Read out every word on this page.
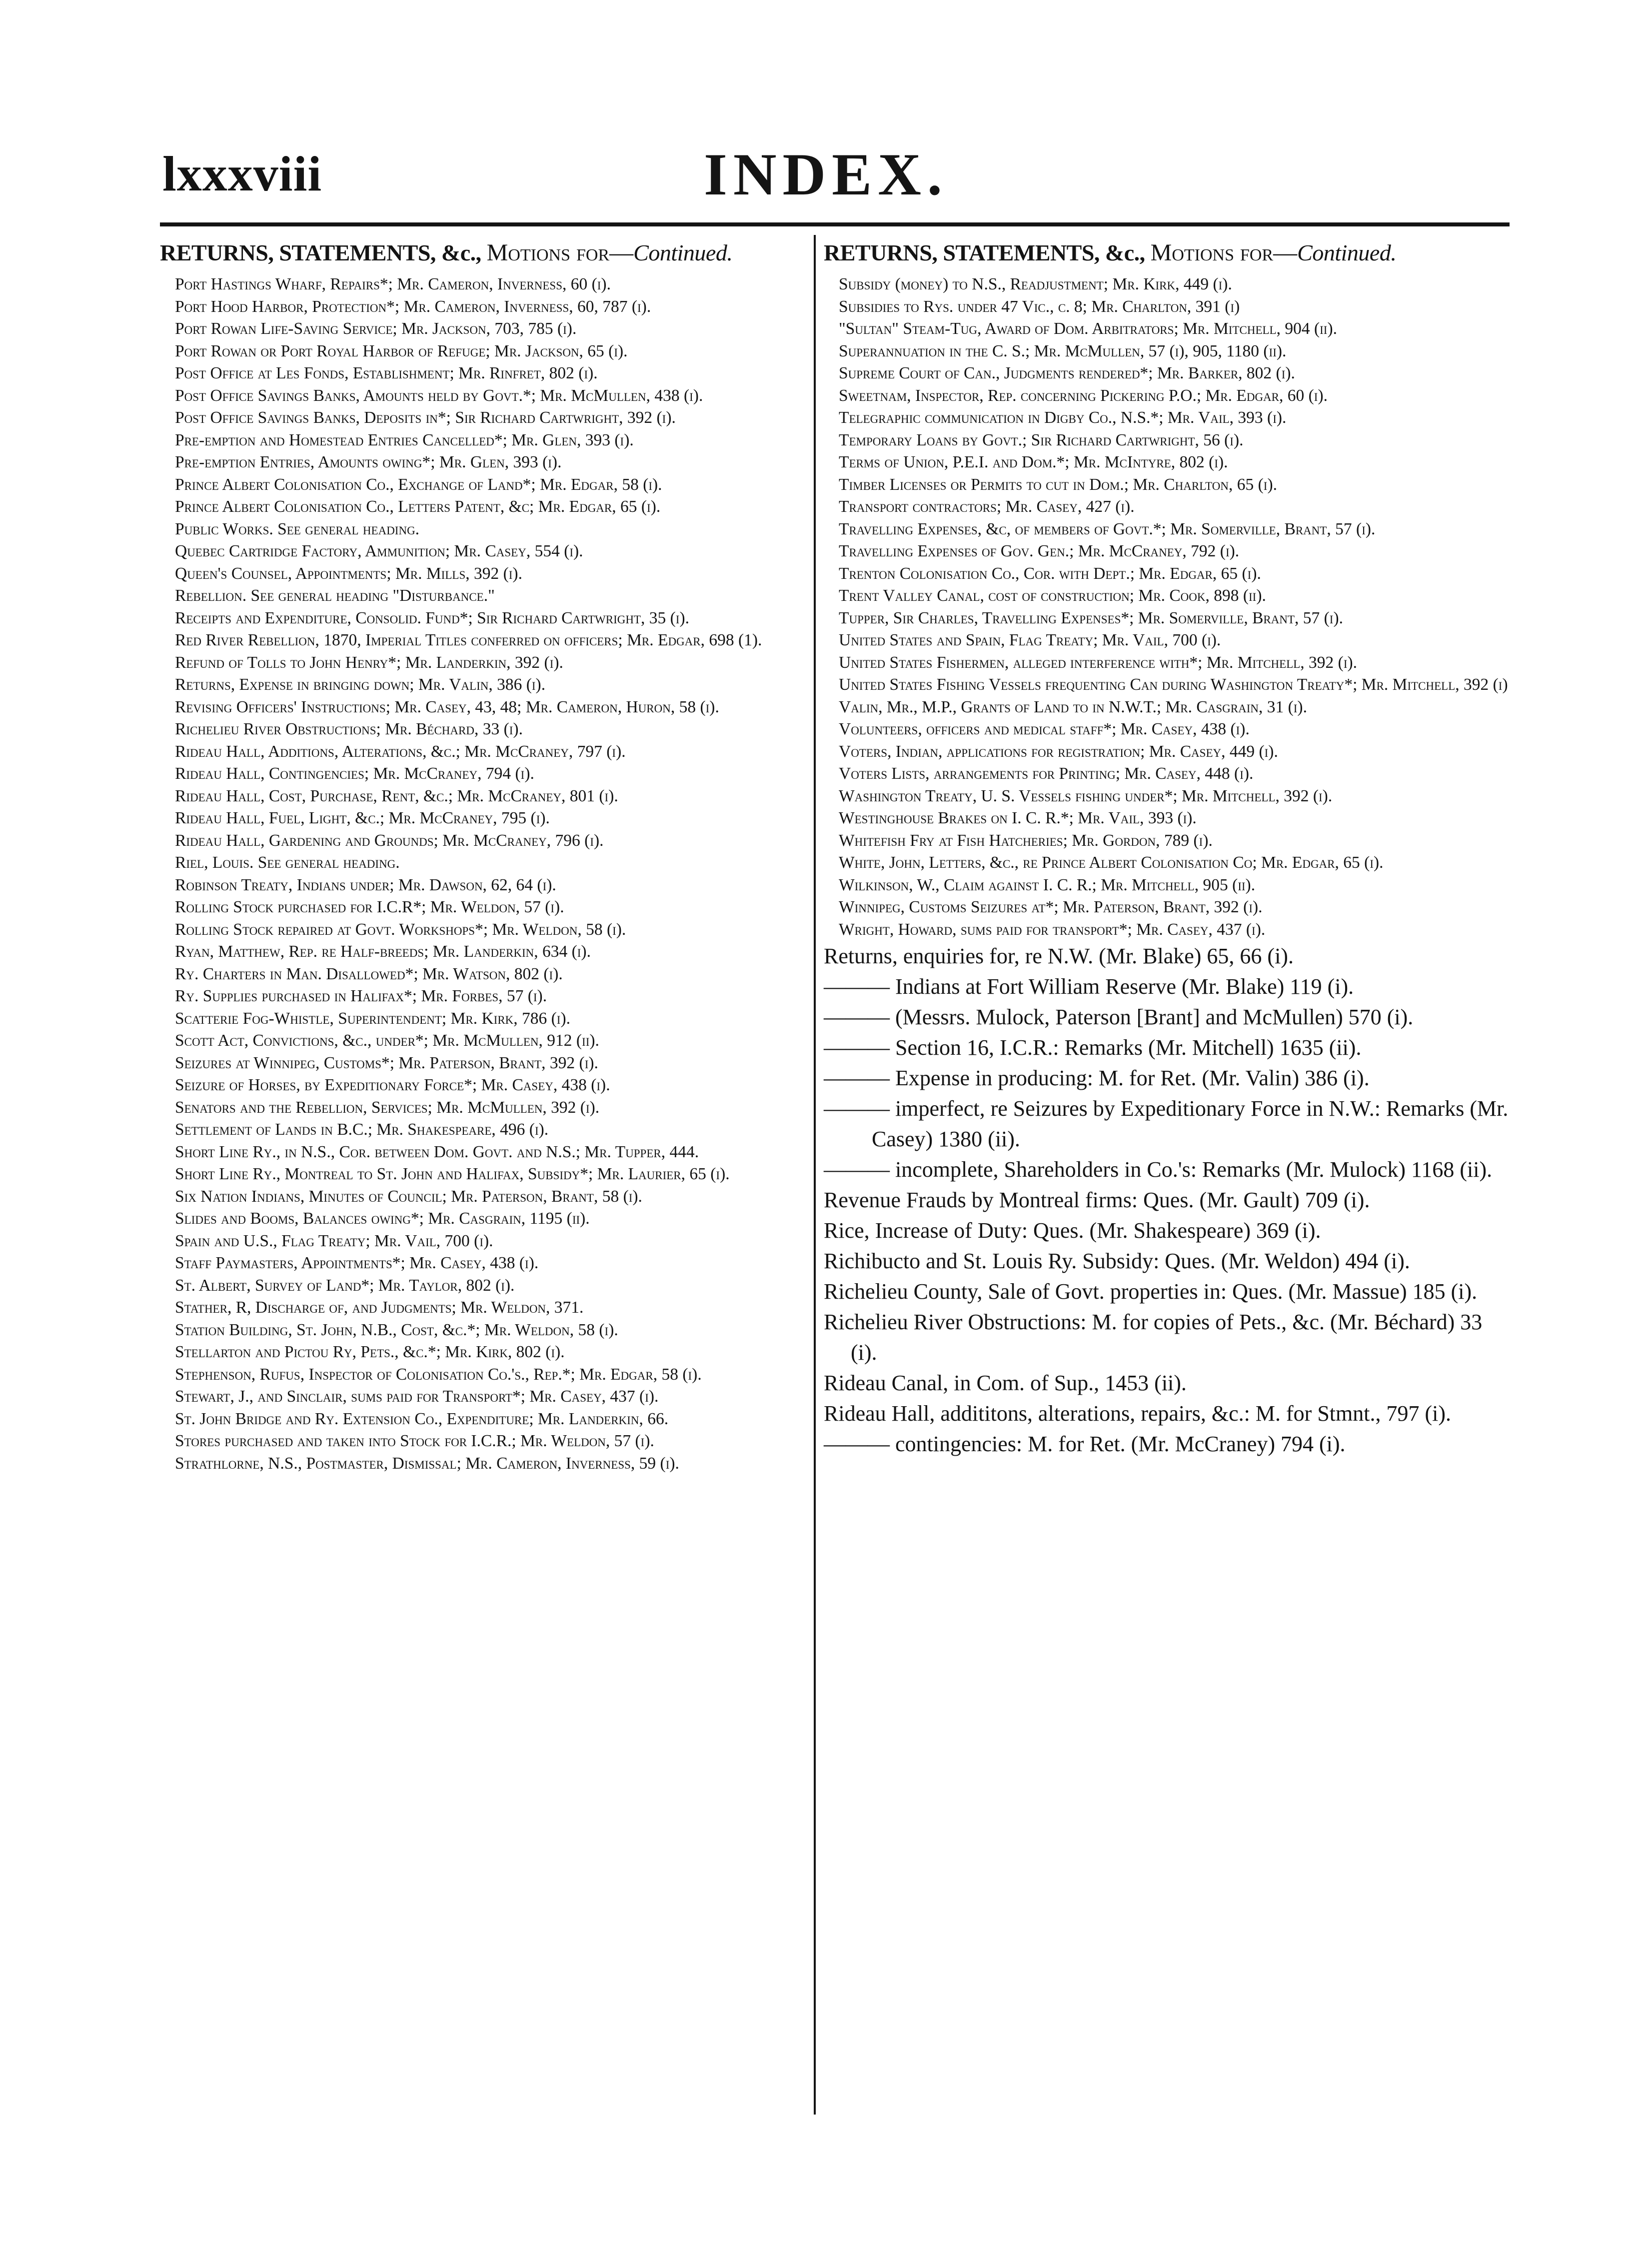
lxxxviii	INDEX.
RETURNS, STATEMENTS, &c., Motions for—Continued.

Port Hastings Wharf, Repairs*; Mr. Cameron, Inverness, 60 (i).

Port Hood Harbor, Protection*; Mr. Cameron, Inverness, 60, 787 (i).

Port Rowan Life-Saving Service; Mr. Jackson, 703, 785 (i).

Port Rowan or Port Royal Harbor of Refuge; Mr. Jackson, 65 (i).

Post Office at Les Fonds, Establishment; Mr. Rinfret, 802 (i).

Post Office Savings Banks, Amounts held by Govt.*; Mr. McMullen, 438 (i).

Post Office Savings Banks, Deposits in*; Sir Richard Cartwright, 392 (i).

Pre-emption and Homestead Entries Cancelled*; Mr. Glen, 393 (i).

Pre-emption Entries, Amounts owing*; Mr. Glen, 393 (i).

Prince Albert Colonisation Co., Exchange of Land*; Mr. Edgar, 58 (i).

Prince Albert Colonisation Co., Letters Patent, &c; Mr. Edgar, 65 (i).

Public Works. See general heading.

Quebec Cartridge Factory, Ammunition; Mr. Casey, 554 (i).

Queen's Counsel, Appointments; Mr. Mills, 392 (i).

Rebellion. See general heading "Disturbance."

Receipts and Expenditure, Consolid. Fund*; Sir Richard Cartwright, 35 (i).

Red River Rebellion, 1870, Imperial Titles conferred on officers; Mr. Edgar, 698 (1).

Refund of Tolls to John Henry*; Mr. Landerkin, 392 (i).

Returns, Expense in bringing down; Mr. Valin, 386 (i).

Revising Officers' Instructions; Mr. Casey, 43, 48; Mr. Cameron, Huron, 58 (i).

Richelieu River Obstructions; Mr. Béchard, 33 (i).

Rideau Hall, Additions, Alterations, &c.; Mr. McCraney, 797 (i).

Rideau Hall, Contingencies; Mr. McCraney, 794 (i).

Rideau Hall, Cost, Purchase, Rent, &c.; Mr. McCraney, 801 (i).

Rideau Hall, Fuel, Light, &c.; Mr. McCraney, 795 (i).

Rideau Hall, Gardening and Grounds; Mr. McCraney, 796 (i).

Riel, Louis. See general heading.

Robinson Treaty, Indians under; Mr. Dawson, 62, 64 (i).

Rolling Stock purchased for I.C.R*; Mr. Weldon, 57 (i).

Rolling Stock repaired at Govt. Workshops*; Mr. Weldon, 58 (i).

Ryan, Matthew, Rep. re Half-breeds; Mr. Landerkin, 634 (i).

Ry. Charters in Man. Disallowed*; Mr. Watson, 802 (i).

Ry. Supplies purchased in Halifax*; Mr. Forbes, 57 (i).

Scatterie Fog-Whistle, Superintendent; Mr. Kirk, 786 (i).

Scott Act, Convictions, &c., under*; Mr. McMullen, 912 (ii).

Seizures at Winnipeg, Customs*; Mr. Paterson, Brant, 392 (i).

Seizure of Horses, by Expeditionary Force*; Mr. Casey, 438 (i).

Senators and the Rebellion, Services; Mr. McMullen, 392 (i).

Settlement of Lands in B.C.; Mr. Shakespeare, 496 (i).

Short Line Ry., in N.S., Cor. between Dom. Govt. and N.S.; Mr. Tupper, 444.

Short Line Ry., Montreal to St. John and Halifax, Subsidy*; Mr. Laurier, 65 (i).

Six Nation Indians, Minutes of Council; Mr. Paterson, Brant, 58 (i).

Slides and Booms, Balances owing*; Mr. Casgrain, 1195 (ii).

Spain and U.S., Flag Treaty; Mr. Vail, 700 (i).

Staff Paymasters, Appointments*; Mr. Casey, 438 (i).

St. Albert, Survey of Land*; Mr. Taylor, 802 (i).

Stather, R, Discharge of, and Judgments; Mr. Weldon, 371.

Station Building, St. John, N.B., Cost, &c.*; Mr. Weldon, 58 (i).

Stellarton and Pictou Ry, Pets., &c.*; Mr. Kirk, 802 (i).

Stephenson, Rufus, Inspector of Colonisation Co.'s., Rep.*; Mr. Edgar, 58 (i).

Stewart, J., and Sinclair, sums paid for Transport*; Mr. Casey, 437 (i).

St. John Bridge and Ry. Extension Co., Expenditure; Mr. Landerkin, 66.

Stores purchased and taken into Stock for I.C.R.; Mr. Weldon, 57 (i).

Strathlorne, N.S., Postmaster, Dismissal; Mr. Cameron, Inverness, 59 (i).

RETURNS, STATEMENTS, &c., Motions for—Continued.

Subsidy (money) to N.S., Readjustment; Mr. Kirk, 449 (i).

Subsidies to Rys. under 47 Vic., c. 8; Mr. Charlton, 391 (i)

"Sultan" Steam-Tug, Award of Dom. Arbitrators; Mr. Mitchell, 904 (ii).

Superannuation in the C. S.; Mr. McMullen, 57 (i), 905, 1180 (ii).

Supreme Court of Can., Judgments rendered*; Mr. Barker, 802 (i).

Sweetnam, Inspector, Rep. concerning Pickering P.O.; Mr. Edgar, 60 (i).

Telegraphic communication in Digby Co., N.S.*; Mr. Vail, 393 (i).

Temporary Loans by Govt.; Sir Richard Cartwright, 56 (i).

Terms of Union, P.E.I. and Dom.*; Mr. McIntyre, 802 (i).

Timber Licenses or Permits to cut in Dom.; Mr. Charlton, 65 (i).

Transport contractors; Mr. Casey, 427 (i).

Travelling Expenses, &c, of members of Govt.*; Mr. Somerville, Brant, 57 (i).

Travelling Expenses of Gov. Gen.; Mr. McCraney, 792 (i).

Trenton Colonisation Co., Cor. with Dept.; Mr. Edgar, 65 (i).

Trent Valley Canal, cost of construction; Mr. Cook, 898 (ii).

Tupper, Sir Charles, Travelling Expenses*; Mr. Somerville, Brant, 57 (i).

United States and Spain, Flag Treaty; Mr. Vail, 700 (i).

United States Fishermen, alleged interference with*; Mr. Mitchell, 392 (i).

United States Fishing Vessels frequenting Can during Washington Treaty*; Mr. Mitchell, 392 (i)

Valin, Mr., M.P., Grants of Land to in N.W.T.; Mr. Casgrain, 31 (i).

Volunteers, officers and medical staff*; Mr. Casey, 438 (i).

Voters, Indian, applications for registration; Mr. Casey, 449 (i).

Voters Lists, arrangements for Printing; Mr. Casey, 448 (i).

Washington Treaty, U. S. Vessels fishing under*; Mr. Mitchell, 392 (i).

Westinghouse Brakes on I. C. R.*; Mr. Vail, 393 (i).

Whitefish Fry at Fish Hatcheries; Mr. Gordon, 789 (i).

White, John, Letters, &c., re Prince Albert Colonisation Co; Mr. Edgar, 65 (i).

Wilkinson, W., Claim against I. C. R.; Mr. Mitchell, 905 (ii).

Winnipeg, Customs Seizures at*; Mr. Paterson, Brant, 392 (i).

Wright, Howard, sums paid for transport*; Mr. Casey, 437 (i).

Returns, enquiries for, re N.W. (Mr. Blake) 65, 66 (i).

——— Indians at Fort William Reserve (Mr. Blake) 119 (i).

——— (Messrs. Mulock, Paterson [Brant] and McMullen) 570 (i).

——— Section 16, I.C.R.: Remarks (Mr. Mitchell) 1635 (ii).

——— Expense in producing: M. for Ret. (Mr. Valin) 386 (i).

——— imperfect, re Seizures by Expeditionary Force in N.W.: Remarks (Mr. Casey) 1380 (ii).

——— incomplete, Shareholders in Co.'s: Remarks (Mr. Mulock) 1168 (ii).

Revenue Frauds by Montreal firms: Ques. (Mr. Gault) 709 (i).

Rice, Increase of Duty: Ques. (Mr. Shakespeare) 369 (i).

Richibucto and St. Louis Ry. Subsidy: Ques. (Mr. Weldon) 494 (i).

Richelieu County, Sale of Govt. properties in: Ques. (Mr. Massue) 185 (i).

Richelieu River Obstructions: M. for copies of Pets., &c. (Mr. Béchard) 33 (i).

Rideau Canal, in Com. of Sup., 1453 (ii).

Rideau Hall, addititons, alterations, repairs, &c.: M. for Stmnt., 797 (i).

——— contingencies: M. for Ret. (Mr. McCraney) 794 (i).
